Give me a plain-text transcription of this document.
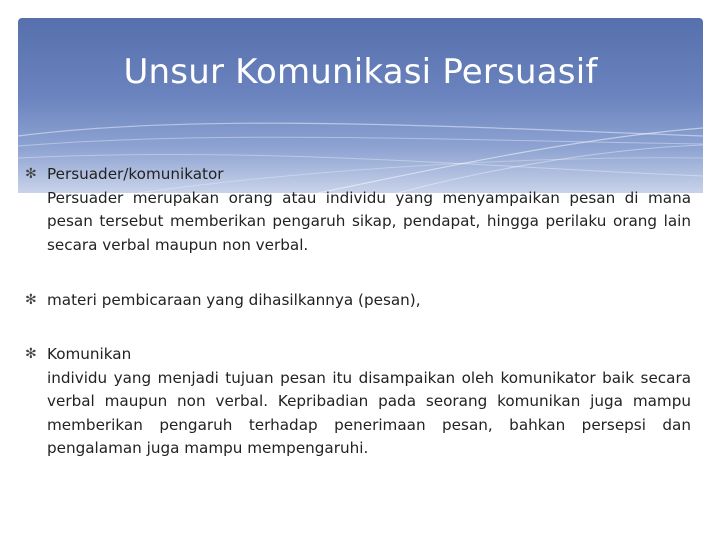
Unsur Komunikasi Persuasif
✻ Persuader/komunikator
Persuader merupakan orang atau individu yang menyampaikan pesan di mana pesan tersebut memberikan pengaruh sikap, pendapat, hingga perilaku orang lain secara verbal maupun non verbal.
✻ materi pembicaraan yang dihasilkannya (pesan),
✻ Komunikan
individu yang menjadi tujuan pesan itu disampaikan oleh komunikator baik secara verbal maupun non verbal. Kepribadian pada seorang komunikan juga mampu memberikan pengaruh terhadap penerimaan pesan, bahkan persepsi dan pengalaman juga mampu mempengaruhi.
